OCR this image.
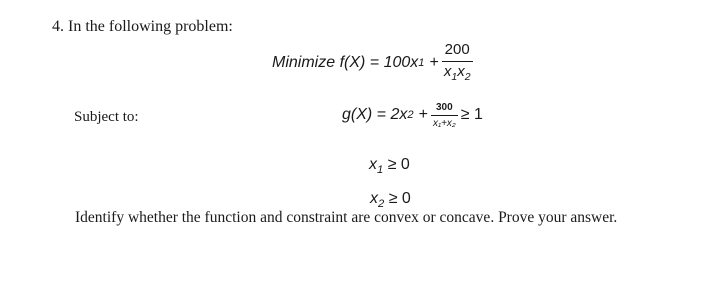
4. In the following problem:
Minimize f(X) = 100x $1 + \frac{200}{x_1x_2}$
Subject to:	g(X) = 2x $2 + \frac{300}{\text{x₁+x₂}} \ge 1$
$x_1 \ge 0$
$x_2 \ge 0$
Identify whether the function and constraint are convex or concave. Prove your answer.
